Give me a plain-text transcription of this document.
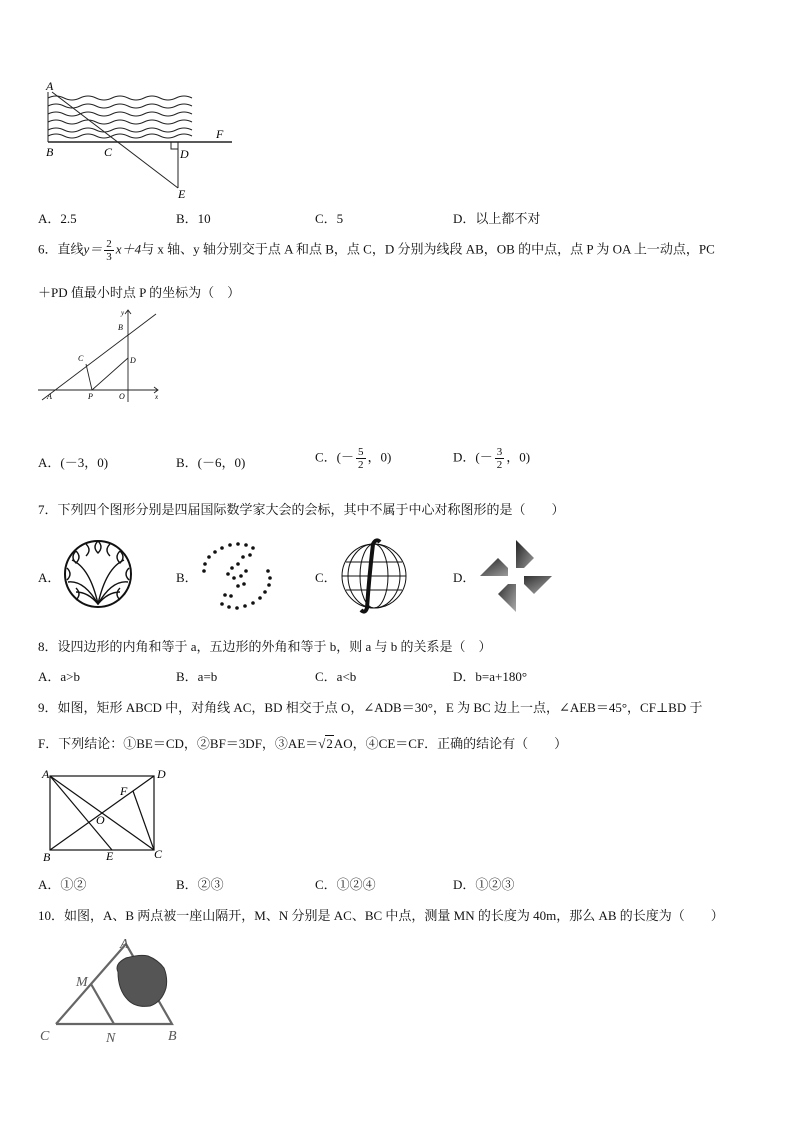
A
B	C	D
E
F
A．2.5	B．10	C．5	D．以上都不对
6．直线$y= \frac{2}{3} x+4$与 x 轴、y 轴分别交于点 A 和点 B，点 C，D 分别为线段 AB，OB 的中点，点 P 为 OA 上一动点，PC
＋PD 值最小时点 P 的坐标为（　）
y
B
C	D
A	P	O	x
A．(－3，0)	B．(－6，0)	C．(－ $\frac{5}{2}$ ，0)	D．(－ $\frac{3}{2}$ ，0)
7．下列四个图形分别是四届国际数学家大会的会标，其中不属于中心对称图形的是（　　）
A．	B．	C．	D．
8．设四边形的内角和等于 a，五边形的外角和等于 b，则 a 与 b 的关系是（　）
A．a>b	B．a=b	C．a<b	D．b=a+180°
9．如图，矩形 ABCD 中，对角线 AC，BD 相交于点 O，∠ADB＝30°，E 为 BC 边上一点，∠AEB＝45°，CF⊥BD 于
F．下列结论：①BE＝CD，②BF＝3DF，③AE＝√2AO，④CE＝CF．正确的结论有（　　）
A	D
F
O
B	E	C
A．①②	B．②③	C．①②④	D．①②③
10．如图，A、B 两点被一座山隔开，M、N 分别是 AC、BC 中点，测量 MN 的长度为 40m，那么 AB 的长度为（　　）
A
M
C	N	B
